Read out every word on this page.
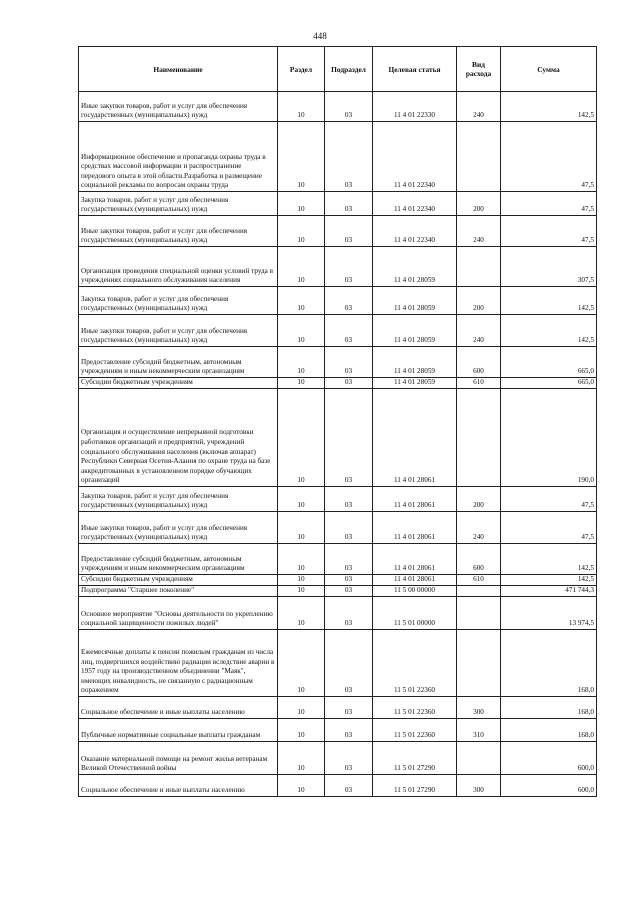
448
Наименование	Раздел	Подраздел	Целевая статья	Вид расхода	Сумма
Иные закупки товаров, работ и услуг для обеспечения государственных (муниципальных) нужд	10	03	11 4 01 22330	240	142,5
Информационное обеспечение и пропаганда охраны труда в средствах массовой информации и распространение передового опыта в этой области.Разработка и размещение социальной рекламы по вопросам охраны труда	10	03	11 4 01 22340		47,5
Закупка товаров, работ и услуг для обеспечения государственных (муниципальных) нужд	10	03	11 4 01 22340	200	47,5
Иные закупки товаров, работ и услуг для обеспечения государственных (муниципальных) нужд	10	03	11 4 01 22340	240	47,5
Организация проведения специальной оценки условий труда в учреждениях социального обслуживания населения	10	03	11 4 01 28059		307,5
Закупка товаров, работ и услуг для обеспечения государственных (муниципальных) нужд	10	03	11 4 01 28059	200	142,5
Иные закупки товаров, работ и услуг для обеспечения государственных (муниципальных) нужд	10	03	11 4 01 28059	240	142,5
Предоставление субсидий бюджетным, автономным учреждениям и иным некоммерческим организациям	10	03	11 4 01 28059	600	665,0
Субсидии бюджетным учреждениям	10	03	11 4 01 28059	610	665,0
Организация и осуществление непрерывной подготовки работников организаций и предприятий, учреждений социального обслуживания населения (включая аппарат) Республики Северная Осетия-Алания по охране труда на базе аккредитованных в установленном порядке обучающих организаций	10	03	11 4 01 28061		190,0
Закупка товаров, работ и услуг для обеспечения государственных (муниципальных) нужд	10	03	11 4 01 28061	200	47,5
Иные закупки товаров, работ и услуг для обеспечения государственных (муниципальных) нужд	10	03	11 4 01 28061	240	47,5
Предоставление субсидий бюджетным, автономным учреждениям и иным некоммерческим организациям	10	03	11 4 01 28061	600	142,5
Субсидии бюджетным учреждениям	10	03	11 4 01 28061	610	142,5
Подпрограмма "Старшее поколение"	10	03	11 5 00 00000		471 744,3
Основное мероприятие "Основы деятельности по укреплению социальной защищенности пожилых людей"	10	03	11 5 01 00000		13 974,5
Ежемесячные доплаты к пенсии пожилым гражданам из числа лиц, подвергшихся воздействию радиации вследствие аварии в 1957 году на производственном объединении "Маяк", имеющих инвалидность, не связанную с радиационным поражением	10	03	11 5 01 22360		168,0
Социальное обеспечение и иные выплаты населению	10	03	11 5 01 22360	300	168,0
Публичные нормативные социальные выплаты гражданам	10	03	11 5 01 22360	310	168,0
Оказание материальной помощи на ремонт жилья ветеранам Великой Отечественной войны	10	03	11 5 01 27290		600,0
Социальное обеспечение и иные выплаты населению	10	03	11 5 01 27290	300	600,0
